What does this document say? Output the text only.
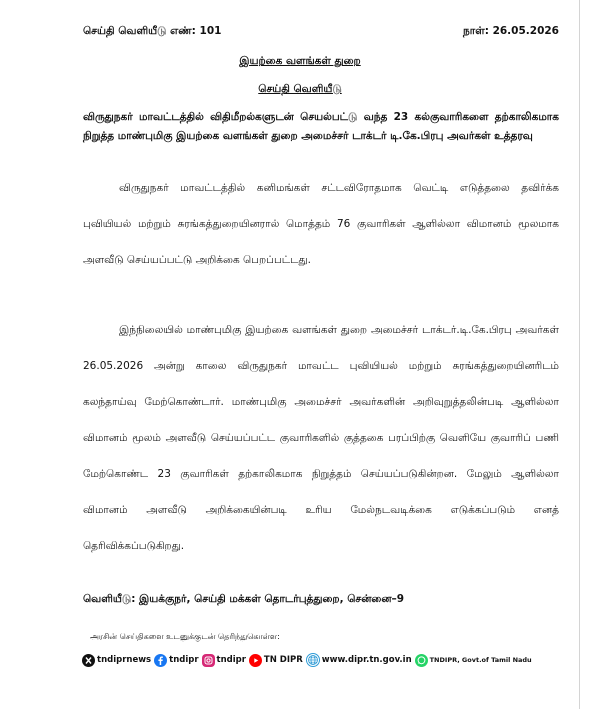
செய்தி வெளியீடு எண்: 101	நாள்: 26.05.2026
இயற்கை வளங்கள் துறை
செய்தி வெளியீடு
விருதுநகர் மாவட்டத்தில் விதிமீறல்களுடன் செயல்பட்டு வந்த 23 கல்குவாரிகளை தற்காலிகமாக நிறுத்த மாண்புமிகு இயற்கை வளங்கள் துறை அமைச்சர் டாக்டர் டி.கே.பிரபு அவர்கள் உத்தரவு
விருதுநகர் மாவட்டத்தில் கனிமங்கள் சட்டவிரோதமாக வெட்டி எடுத்தலை தவிர்க்க புவியியல் மற்றும் சுரங்கத்துறையினரால் மொத்தம் 76 குவாரிகள் ஆளில்லா விமானம் மூலமாக அளவீடு செய்யப்பட்டு அறிக்கை பெறப்பட்டது.
இந்நிலையில் மாண்புமிகு இயற்கை வளங்கள் துறை அமைச்சர் டாக்டர்.டி.கே.பிரபு அவர்கள் 26.05.2026 அன்று காலை விருதுநகர் மாவட்ட புவியியல் மற்றும் சுரங்கத்துறையினரிடம் கலந்தாய்வு மேற்கொண்டார். மாண்புமிகு அமைச்சர் அவர்களின் அறிவுறுத்தலின்படி ஆளில்லா விமானம் மூலம் அளவீடு செய்யப்பட்ட குவாரிகளில் குத்தகை பரப்பிற்கு வெளியே குவாரிப் பணி மேற்கொண்ட 23 குவாரிகள் தற்காலிகமாக நிறுத்தம் செய்யப்படுகின்றன. மேலும் ஆளில்லா விமானம் அளவீடு அறிக்கையின்படி உரிய மேல்நடவடிக்கை எடுக்கப்படும் எனத் தெரிவிக்கப்படுகிறது.
வெளியீடு: இயக்குநர், செய்தி மக்கள் தொடர்புத்துறை, சென்னை–9
அரசின் செய்திகளை உடனுக்குடன் தெரிந்துகொள்ள:
tndiprnews tndipr tndipr TN DIPR www.dipr.tn.gov.in	TNDIPR, Govt.of Tamil Nadu
